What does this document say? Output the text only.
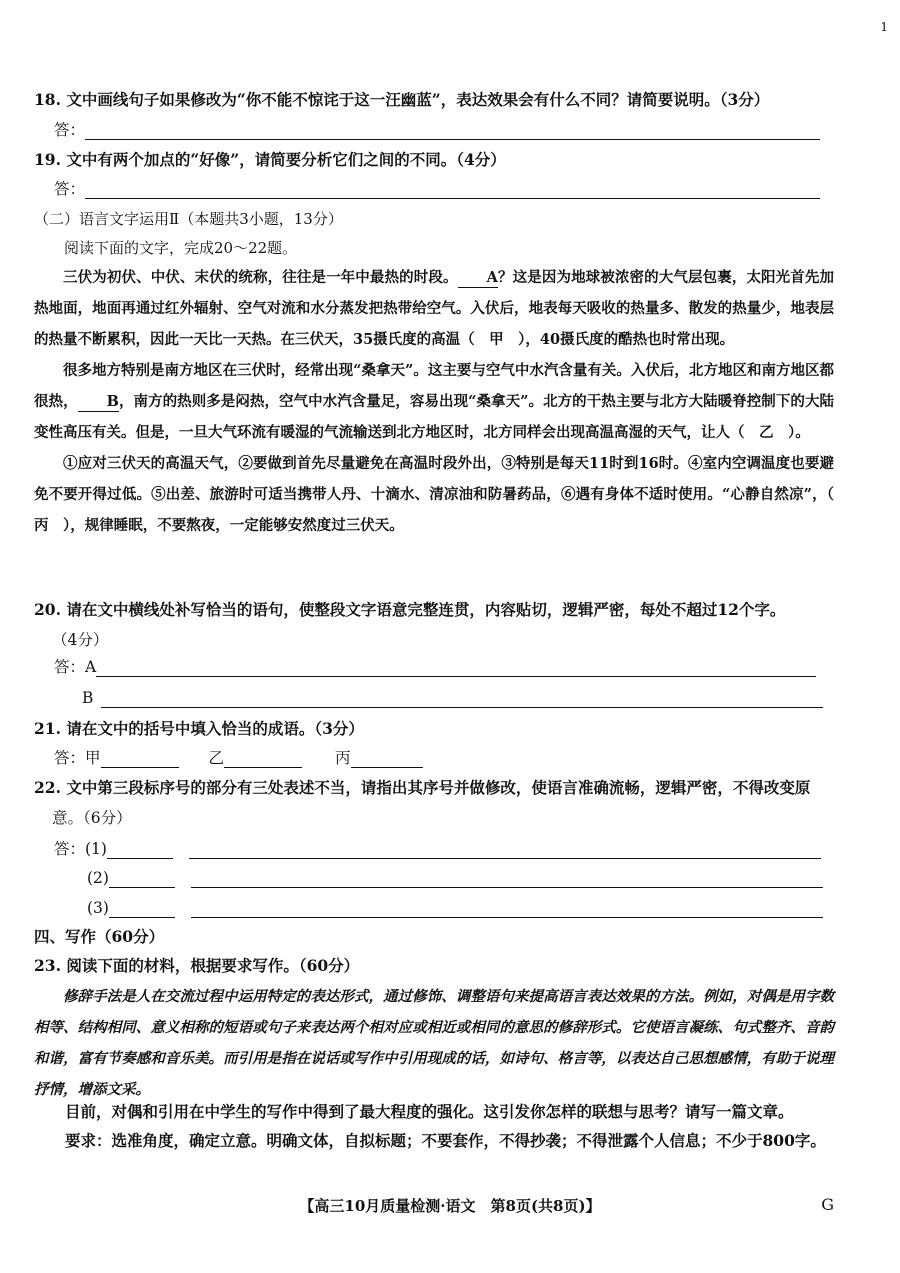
1
18. 文中画线句子如果修改为“你不能不惊诧于这一汪幽蓝”，表达效果会有什么不同？请简要说明。（3分）
答：
19. 文中有两个加点的“好像”，请简要分析它们之间的不同。（4分）
答：
（二）语言文字运用Ⅱ（本题共3小题，13分）
阅读下面的文字，完成20～22题。

三伏为初伏、中伏、末伏的统称，往往是一年中最热的时段。 A？这是因为地球被浓密的大气层包裹，太阳光首先加热地面，地面再通过红外辐射、空气对流和水分蒸发把热带给空气。入伏后，地表每天吸收的热量多、散发的热量少，地表层的热量不断累积，因此一天比一天热。在三伏天，35摄氏度的高温（　甲　），40摄氏度的酷热也时常出现。

很多地方特别是南方地区在三伏时，经常出现“桑拿天”。这主要与空气中水汽含量有关。入伏后，北方地区和南方地区都很热， B，南方的热则多是闷热，空气中水汽含量足，容易出现“桑拿天”。北方的干热主要与北方大陆暖脊控制下的大陆变性高压有关。但是，一旦大气环流有暖湿的气流输送到北方地区时，北方同样会出现高温高湿的天气，让人（　乙　）。

①应对三伏天的高温天气，②要做到首先尽量避免在高温时段外出，③特别是每天11时到16时。④室内空调温度也要避免不要开得过低。⑤出差、旅游时可适当携带人丹、十滴水、清凉油和防暑药品，⑥遇有身体不适时使用。“心静自然凉”，（　丙　），规律睡眠，不要熬夜，一定能够安然度过三伏天。

20. 请在文中横线处补写恰当的语句，使整段文字语意完整连贯，内容贴切，逻辑严密，每处不超过12个字。
（4分）
答：A
B
21. 请在文中的括号中填入恰当的成语。（3分）
答：甲	乙	丙
22. 文中第三段标序号的部分有三处表述不当，请指出其序号并做修改，使语言准确流畅，逻辑严密，不得改变原
意。（6分）
答：(1)
(2)
(3)
四、写作（60分）
23. 阅读下面的材料，根据要求写作。（60分）

修辞手法是人在交流过程中运用特定的表达形式，通过修饰、调整语句来提高语言表达效果的方法。例如，对偶是用字数相等、结构相同、意义相称的短语或句子来表达两个相对应或相近或相同的意思的修辞形式。它使语言凝练、句式整齐、音韵和谐，富有节奏感和音乐美。而引用是指在说话或写作中引用现成的话，如诗句、格言等，以表达自己思想感情，有助于说理抒情，增添文采。

目前，对偶和引用在中学生的写作中得到了最大程度的强化。这引发你怎样的联想与思考？请写一篇文章。

要求：选准角度，确定立意。明确文体，自拟标题；不要套作，不得抄袭；不得泄露个人信息；不少于800字。

【高三10月质量检测·语文　第8页(共8页)】	G
